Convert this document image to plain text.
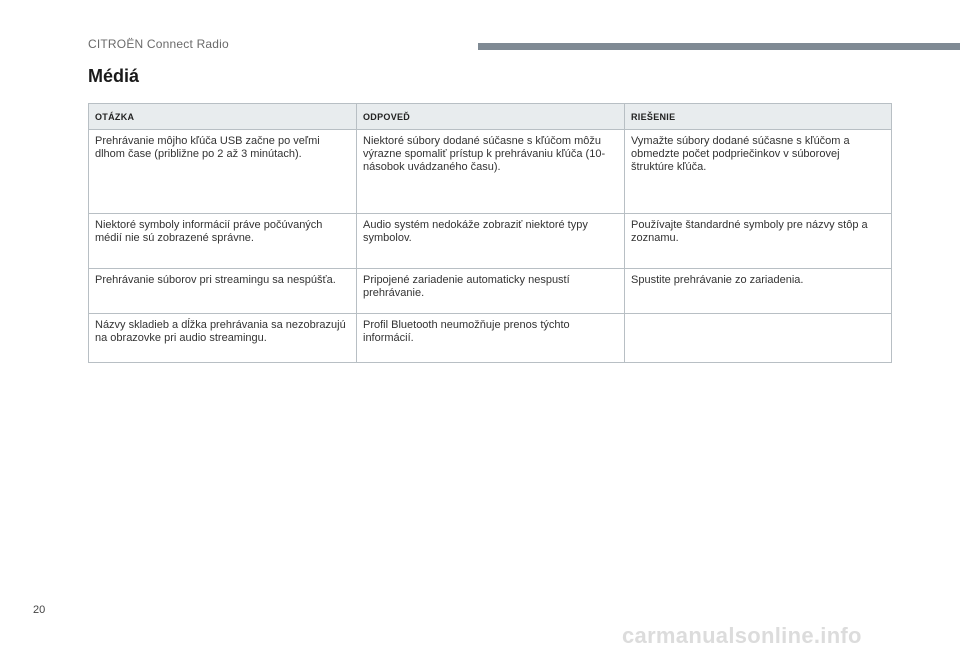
CITROËN Connect Radio
Médiá
OTÁZKA	ODPOVEĎ	RIEŠENIE
Prehrávanie môjho kľúča USB začne po veľmi dlhom čase (približne po 2 až 3 minútach).	Niektoré súbory dodané súčasne s kľúčom môžu výrazne spomaliť prístup k prehrávaniu kľúča (10-násobok uvádzaného času).	Vymažte súbory dodané súčasne s kľúčom a obmedzte počet podpriečinkov v súborovej štruktúre kľúča.
Niektoré symboly informácií práve počúvaných médií nie sú zobrazené správne.	Audio systém nedokáže zobraziť niektoré typy symbolov.	Používajte štandardné symboly pre názvy stôp a zoznamu.
Prehrávanie súborov pri streamingu sa nespúšťa.	Pripojené zariadenie automaticky nespustí prehrávanie.	Spustite prehrávanie zo zariadenia.
Názvy skladieb a dĺžka prehrávania sa nezobrazujú na obrazovke pri audio streamingu.	Profil Bluetooth neumožňuje prenos týchto informácií.	
20
carmanualsonline.info
